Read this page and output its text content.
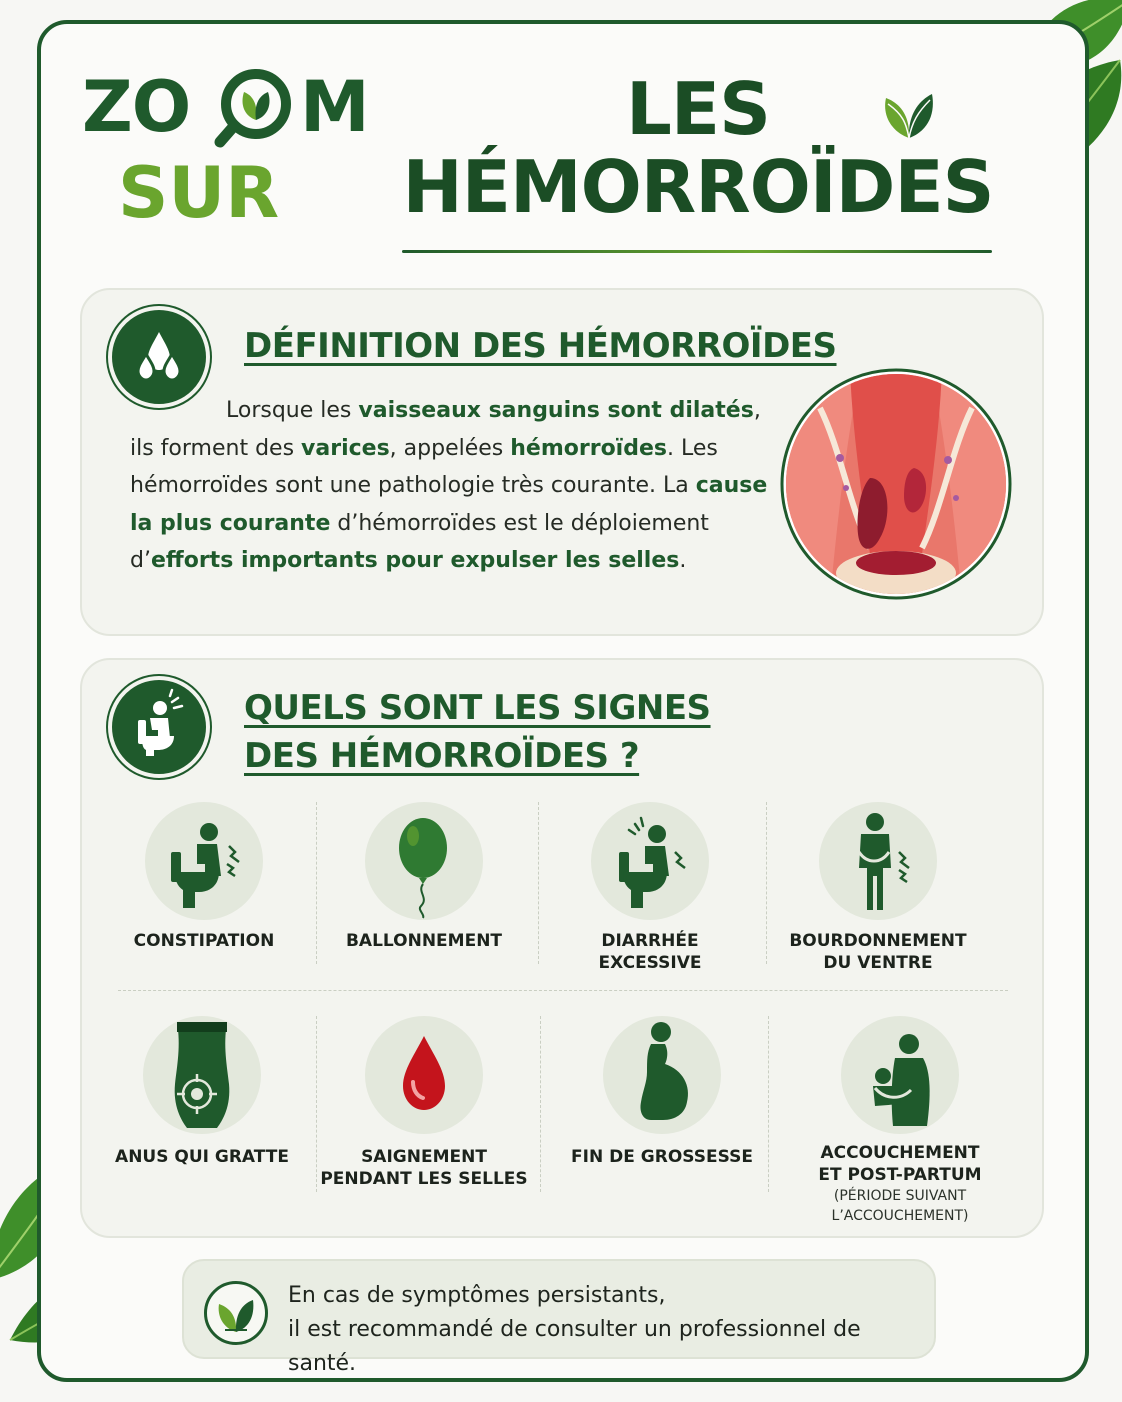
ZO M
SUR
LES
HÉMORROÏDES
DÉFINITION DES HÉMORROÏDES
Lorsque les vaisseaux sanguins sont dilatés, ils forment des varices, appelées hémorroïdes. Les hémorroïdes sont une pathologie très courante. La cause la plus courante d’hémorroïdes est le déploiement d’efforts importants pour expulser les selles.
QUELS SONT LES SIGNES
DES HÉMORROÏDES ?
CONSTIPATION	BALLONNEMENT	DIARRHÉE
EXCESSIVE
BOURDONNEMENT
DU VENTRE
ANUS QUI GRATTE	SAIGNEMENT
PENDANT LES SELLES
FIN DE GROSSESSE	ACCOUCHEMENT
ET POST-PARTUM
(PÉRIODE SUIVANT
L’ACCOUCHEMENT)
En cas de symptômes persistants,
il est recommandé de consulter un professionnel de santé.
